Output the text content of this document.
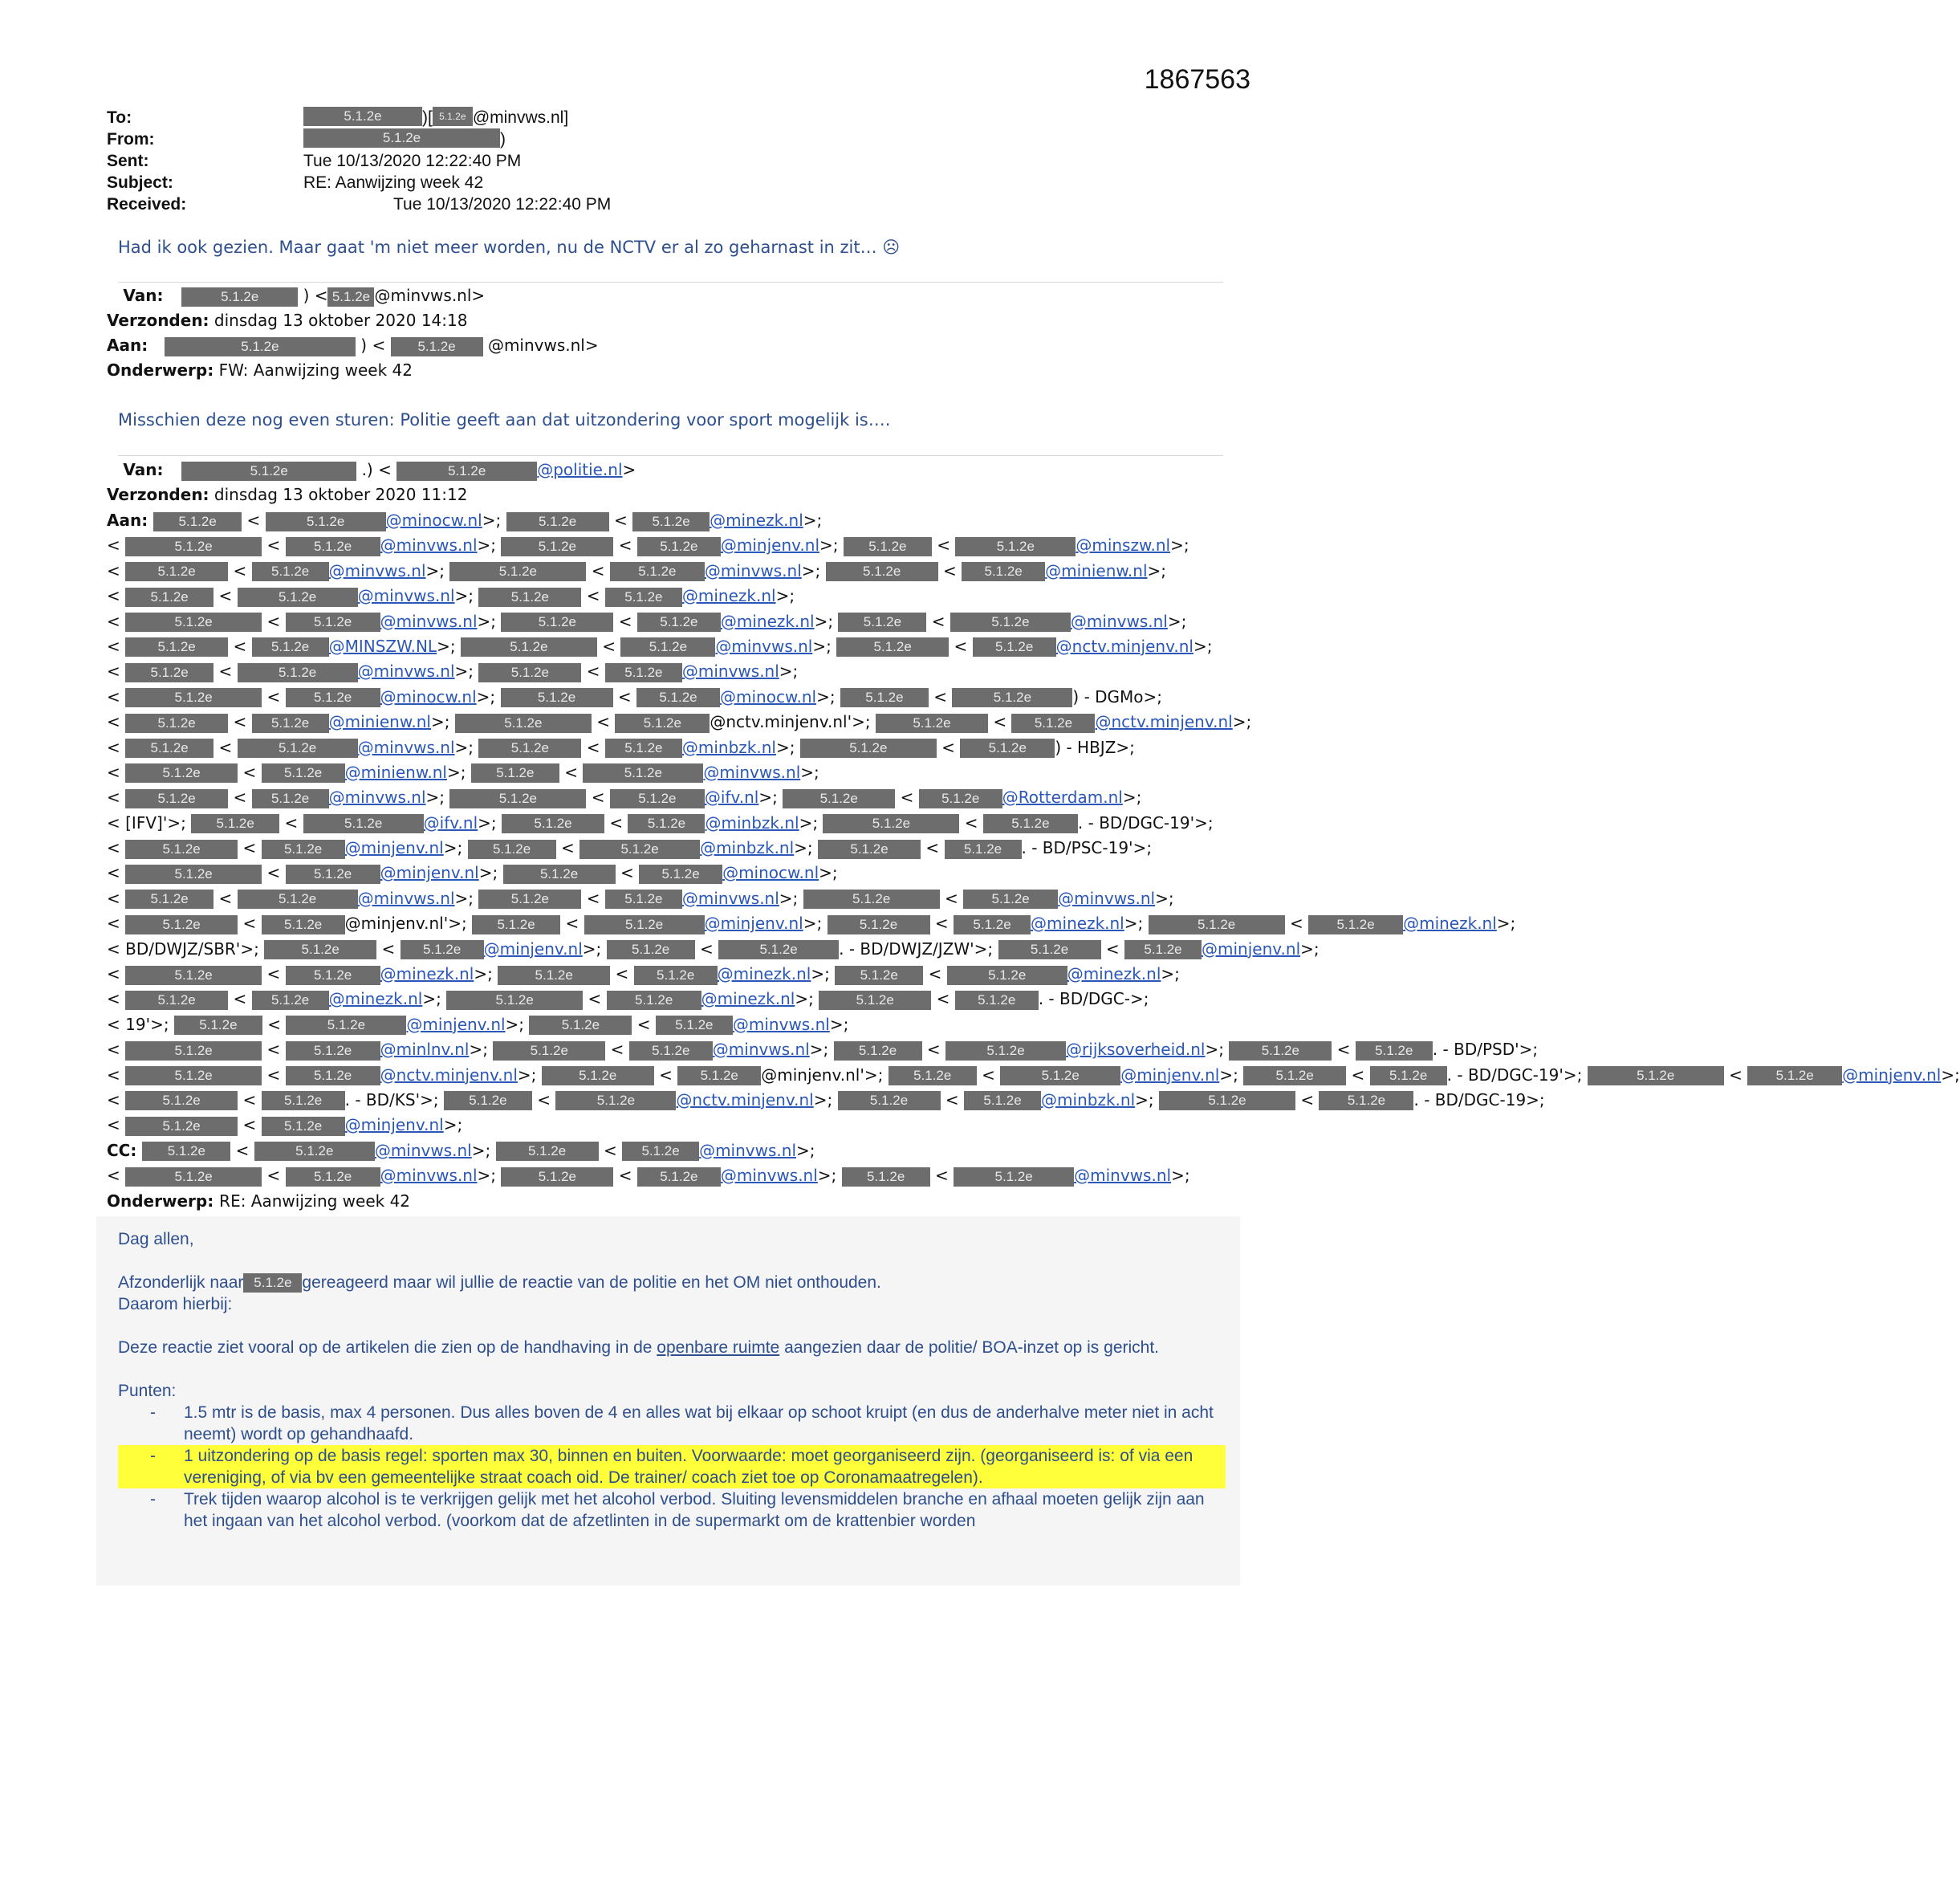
1867563
To:	5.1.2e	)[ 5.1.2e @minvws.nl]
From:	5.1.2e	)
Sent:	Tue 10/13/2020 12:22:40 PM
Subject:	RE: Aanwijzing week 42
Received:	Tue 10/13/2020 12:22:40 PM
Had ik ook gezien. Maar gaat 'm niet meer worden, nu de NCTV er al zo geharnast in zit… ☹
Van:	5.1.2e	) < 5.1.2e @minvws.nl>
Verzonden: dinsdag 13 oktober 2020 14:18
Aan:	5.1.2e	) < 5.1.2e @minvws.nl>
Onderwerp: FW: Aanwijzing week 42
Misschien deze nog even sturen: Politie geeft aan dat uitzondering voor sport mogelijk is….
Van:	5.1.2e	.) <	5.1.2e	@politie.nl>
Verzonden: dinsdag 13 oktober 2020 11:12
Aan: 5.1.2e <	5.1.2e	@minocw.nl>; 5.1.2e < 5.1.2e @minezk.nl>;
<	5.1.2e	< 5.1.2e @minvws.nl>;	5.1.2e < 5.1.2e @minjenv.nl>; 5.1.2e <	5.1.2e	@minszw.nl>;
< 5.1.2e < 5.1.2e @minvws.nl>;	5.1.2e	< 5.1.2e @minvws.nl>;	5.1.2e < 5.1.2e @minienw.nl>;
< 5.1.2e <	5.1.2e	@minvws.nl>; 5.1.2e < 5.1.2e @minezk.nl>;
<	5.1.2e	< 5.1.2e @minvws.nl>;	5.1.2e < 5.1.2e @minezk.nl>; 5.1.2e <	5.1.2e	@minvws.nl>;
< 5.1.2e < 5.1.2e @MINSZW.NL>;	5.1.2e	< 5.1.2e @minvws.nl>;	5.1.2e < 5.1.2e @nctv.minjenv.nl>;
< 5.1.2e <	5.1.2e	@minvws.nl>; 5.1.2e < 5.1.2e @minvws.nl>;
<	5.1.2e	< 5.1.2e @minocw.nl>;	5.1.2e < 5.1.2e @minocw.nl>; 5.1.2e <	5.1.2e	) - DGMo>;
< 5.1.2e < 5.1.2e @minienw.nl>;	5.1.2e	< 5.1.2e @nctv.minjenv.nl'>;	5.1.2e < 5.1.2e @nctv.minjenv.nl>;
< 5.1.2e <	5.1.2e	@minvws.nl>; 5.1.2e < 5.1.2e @minbzk.nl>;	5.1.2e	< 5.1.2e ) - HBJZ>;
<	5.1.2e < 5.1.2e @minienw.nl>; 5.1.2e <	5.1.2e	@minvws.nl>;
< 5.1.2e < 5.1.2e @minvws.nl>;	5.1.2e	< 5.1.2e @ifv.nl>;	5.1.2e < 5.1.2e @Rotterdam.nl>;
< [IFV]'>; 5.1.2e <	5.1.2e	@ifv.nl>; 5.1.2e < 5.1.2e @minbzk.nl>;	5.1.2e	< 5.1.2e . - BD/DGC-19'>;
<	5.1.2e < 5.1.2e @minjenv.nl>; 5.1.2e <	5.1.2e	@minbzk.nl>; 5.1.2e < 5.1.2e . - BD/PSC-19'>;
<	5.1.2e	< 5.1.2e @minjenv.nl>;	5.1.2e < 5.1.2e @minocw.nl>;
< 5.1.2e <	5.1.2e	@minvws.nl>; 5.1.2e < 5.1.2e @minvws.nl>;	5.1.2e	< 5.1.2e @minvws.nl>;
<	5.1.2e < 5.1.2e @minjenv.nl'>; 5.1.2e <	5.1.2e	@minjenv.nl>; 5.1.2e < 5.1.2e @minezk.nl>;	5.1.2e	< 5.1.2e @minezk.nl>;
< BD/DWJZ/SBR'>;	5.1.2e < 5.1.2e @minjenv.nl>; 5.1.2e <	5.1.2e	. - BD/DWJZ/JZW'>; 5.1.2e < 5.1.2e @minjenv.nl>;
<	5.1.2e	< 5.1.2e @minezk.nl>;	5.1.2e < 5.1.2e @minezk.nl>; 5.1.2e <	5.1.2e	@minezk.nl>;
< 5.1.2e < 5.1.2e @minezk.nl>;	5.1.2e	< 5.1.2e @minezk.nl>;	5.1.2e < 5.1.2e . - BD/DGC->;
< 19'>; 5.1.2e <	5.1.2e	@minjenv.nl>; 5.1.2e < 5.1.2e @minvws.nl>;
<	5.1.2e	< 5.1.2e @minlnv.nl>;	5.1.2e < 5.1.2e @minvws.nl>; 5.1.2e <	5.1.2e	@rijksoverheid.nl>; 5.1.2e < 5.1.2e . - BD/PSD'>;
<	5.1.2e	< 5.1.2e @nctv.minjenv.nl>;	5.1.2e < 5.1.2e @minjenv.nl'>; 5.1.2e <	5.1.2e	@minjenv.nl>; 5.1.2e < 5.1.2e . - BD/DGC-19'>;	5.1.2e	< 5.1.2e @minjenv.nl>;
<	5.1.2e < 5.1.2e . - BD/KS'>; 5.1.2e <	5.1.2e	@nctv.minjenv.nl>; 5.1.2e < 5.1.2e @minbzk.nl>;	5.1.2e	< 5.1.2e . - BD/DGC-19>;
<	5.1.2e < 5.1.2e @minjenv.nl>;
CC: 5.1.2e <	5.1.2e	@minvws.nl>; 5.1.2e < 5.1.2e @minvws.nl>;
<	5.1.2e	< 5.1.2e @minvws.nl>;	5.1.2e < 5.1.2e @minvws.nl>; 5.1.2e <	5.1.2e	@minvws.nl>;
Onderwerp: RE: Aanwijzing week 42

Dag allen,

Afzonderlijk naar 5.1.2e gereageerd maar wil jullie de reactie van de politie en het OM niet onthouden.

Daarom hierbij:

Deze reactie ziet vooral op de artikelen die zien op de handhaving in de openbare ruimte aangezien daar de politie/ BOA-inzet op is gericht.

Punten:

-	1.5 mtr is de basis, max 4 personen. Dus alles boven de 4 en alles wat bij elkaar op schoot kruipt (en dus de anderhalve meter niet in acht neemt) wordt op gehandhaafd.
-	1 uitzondering op de basis regel: sporten max 30, binnen en buiten. Voorwaarde: moet georganiseerd zijn. (georganiseerd is: of via een vereniging, of via bv een gemeentelijke straat coach oid. De trainer/ coach ziet toe op Coronamaatregelen).
-	Trek tijden waarop alcohol is te verkrijgen gelijk met het alcohol verbod. Sluiting levensmiddelen branche en afhaal moeten gelijk zijn aan het ingaan van het alcohol verbod. (voorkom dat de afzetlinten in de supermarkt om de krattenbier worden
